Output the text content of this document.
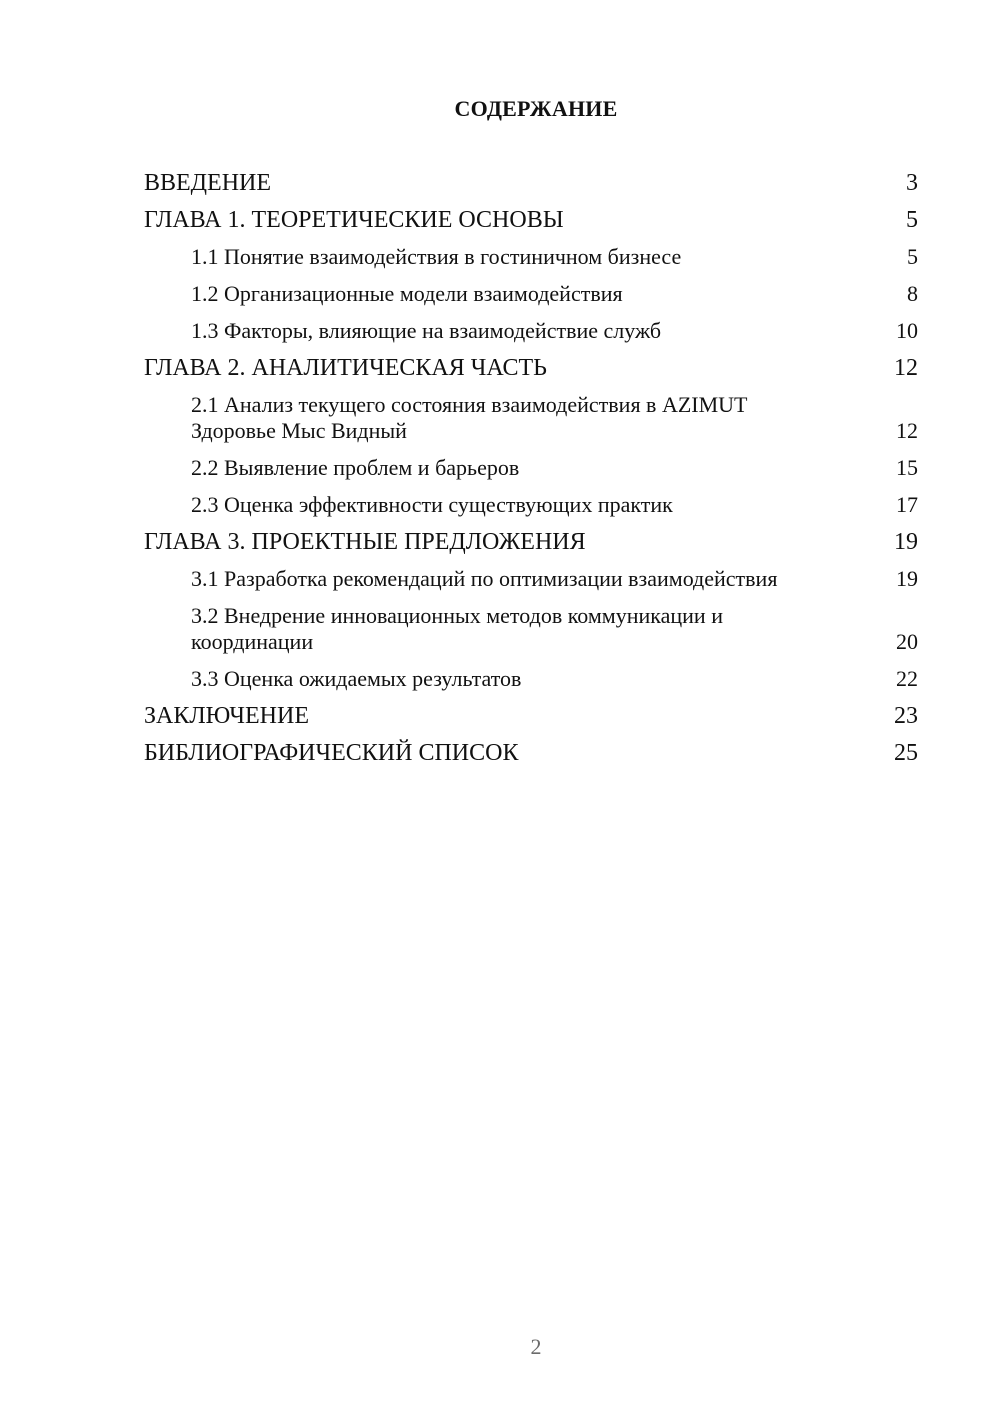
СОДЕРЖАНИЕ
ВВЕДЕНИЕ	3
ГЛАВА 1. ТЕОРЕТИЧЕСКИЕ ОСНОВЫ	5
1.1 Понятие взаимодействия в гостиничном бизнесе	5
1.2 Организационные модели взаимодействия	8
1.3 Факторы, влияющие на взаимодействие служб	10
ГЛАВА 2. АНАЛИТИЧЕСКАЯ ЧАСТЬ	12
2.1 Анализ текущего состояния взаимодействия в AZIMUT Здоровье Мыс Видный	12
2.2 Выявление проблем и барьеров	15
2.3 Оценка эффективности существующих практик	17
ГЛАВА 3. ПРОЕКТНЫЕ ПРЕДЛОЖЕНИЯ	19
3.1 Разработка рекомендаций по оптимизации взаимодействия	19
3.2 Внедрение инновационных методов коммуникации и координации	20
3.3 Оценка ожидаемых результатов	22
ЗАКЛЮЧЕНИЕ	23
БИБЛИОГРАФИЧЕСКИЙ СПИСОК	25
2
